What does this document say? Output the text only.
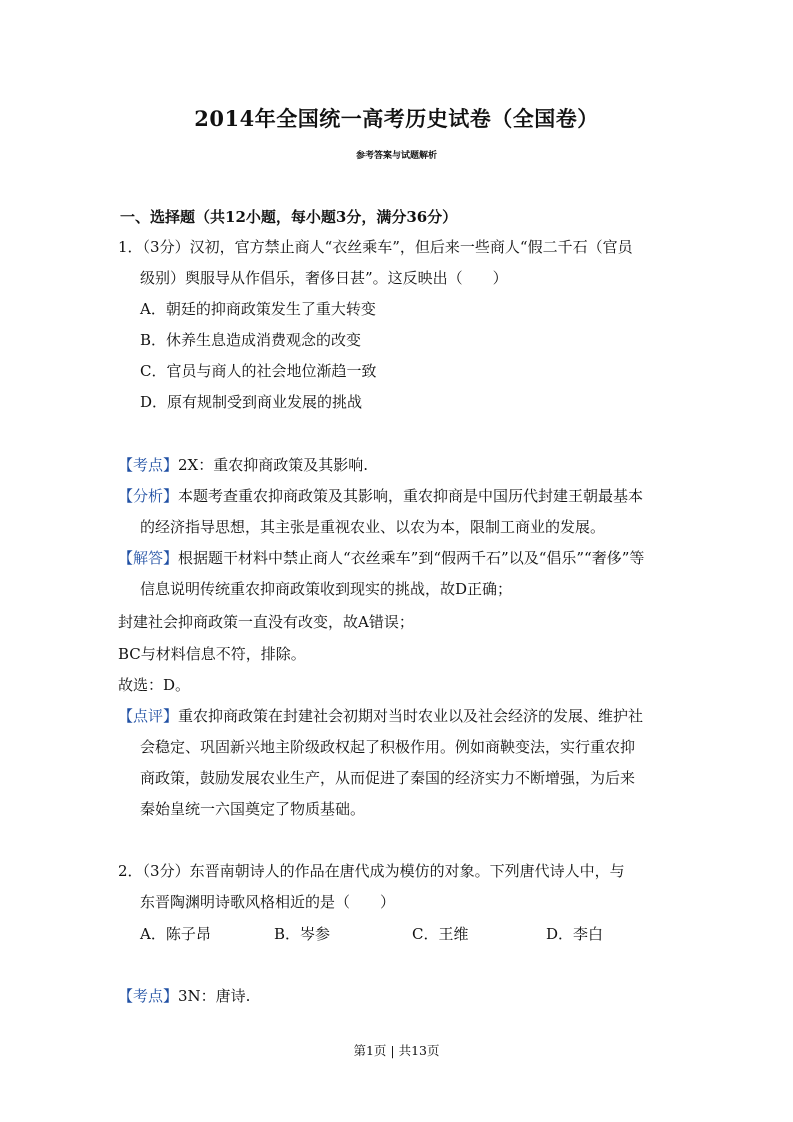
2014年全国统一高考历史试卷（全国卷）
参考答案与试题解析
一、选择题（共12小题，每小题3分，满分36分）
1．（3分）汉初，官方禁止商人“衣丝乘车”，但后来一些商人“假二千石（官员
级别）舆服导从作倡乐，奢侈日甚”。这反映出（　　）
A．朝廷的抑商政策发生了重大转变
B．休养生息造成消费观念的改变
C．官员与商人的社会地位渐趋一致
D．原有规制受到商业发展的挑战
【考点】2X：重农抑商政策及其影响.
【分析】本题考查重农抑商政策及其影响，重农抑商是中国历代封建王朝最基本
的经济指导思想，其主张是重视农业、以农为本，限制工商业的发展。
【解答】根据题干材料中禁止商人“衣丝乘车”到“假两千石”以及“倡乐”“奢侈”等
信息说明传统重农抑商政策收到现实的挑战，故D正确；
封建社会抑商政策一直没有改变，故A错误；
BC与材料信息不符，排除。
故选：D。
【点评】重农抑商政策在封建社会初期对当时农业以及社会经济的发展、维护社
会稳定、巩固新兴地主阶级政权起了积极作用。例如商鞅变法，实行重农抑
商政策，鼓励发展农业生产，从而促进了秦国的经济实力不断增强，为后来
秦始皇统一六国奠定了物质基础。
2．（3分）东晋南朝诗人的作品在唐代成为模仿的对象。下列唐代诗人中，与
东晋陶渊明诗歌风格相近的是（　　）
A．陈子昂	B．岑参	C．王维	D．李白
【考点】3N：唐诗.
第1页 | 共13页
